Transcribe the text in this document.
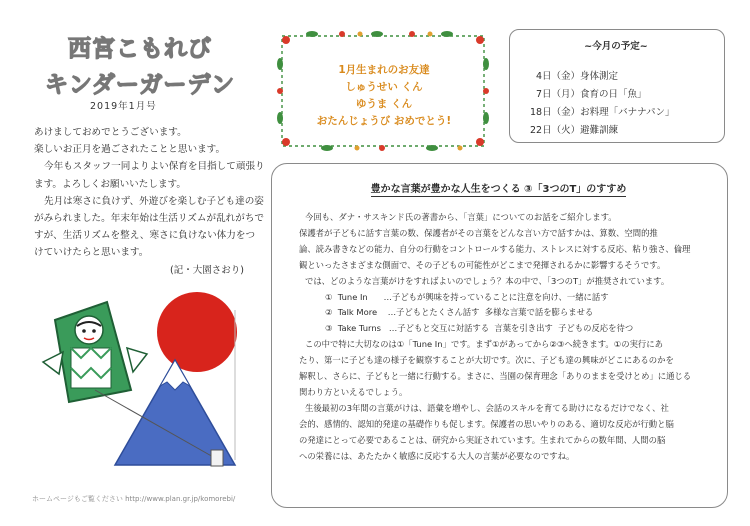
西宮こもれび
キンダーガーデン
2019年1月号

あけましておめでとうございます。

楽しいお正月を過ごされたことと思います。

今年もスタッフ一同よりよい保育を目指して頑張り

ます。よろしくお願いいたします。

先月は寒さに負けず、外遊びを楽しむ子ども達の姿

がみられました。年末年始は生活リズムが乱れがちで

すが、生活リズムを整え、寒さに負けない体力をつ

けていけたらと思います。

(記・大園さおり)
1月生まれのお友達
しゅうせい くん
ゆうま くん
おたんじょうび おめでとう!
~今月の予定~
4日（金）身体測定
7日（月）食育の日「魚」
18日（金）お料理「バナナパン」
22日（火）避難訓練
豊かな言葉が豊かな人生をつくる ③「3つのT」のすすめ

今回も、ダナ・サスキンド氏の著書から、「言葉」についてのお話をご紹介します。

保護者が子どもに話す言葉の数、保護者がその言葉をどんな言い方で話すかは、算数、空間的推

論、読み書きなどの能力、自分の行動をコントロールする能力、ストレスに対する反応、粘り強さ、倫理

観といったさまざまな側面で、その子どもの可能性がどこまで発揮されるかに影響するそうです。

では、どのような言葉がけをすればよいのでしょう？本の中で、「3つのT」が推奨されています。

①  Tune In      …子どもが興味を持っていることに注意を向け、一緒に話す

②  Talk More    …子どもとたくさん話す  多様な言葉で話を膨らませる

③  Take Turns   …子どもと交互に対話する  言葉を引き出す  子どもの反応を待つ

この中で特に大切なのは①「Tune In」です。まず①があってから②③へ続きます。①の実行にあ

たり、第一に子ども達の様子を観察することが大切です。次に、子ども達の興味がどこにあるのかを

解釈し、さらに、子どもと一緒に行動する。まさに、当園の保育理念「ありのままを受けとめ」に通じる

関わり方といえるでしょう。

生後最初の3年間の言葉がけは、語彙を増やし、会話のスキルを育てる助けになるだけでなく、社

会的、感情的、認知的発達の基礎作りも促します。保護者の思いやりのある、適切な反応が行動と脳

の発達にとって必要であることは、研究から実証されています。生まれてからの数年間、人間の脳

への栄養には、あたたかく敏感に反応する大人の言葉が必要なのですね。

ホームページもご覧ください http://www.plan.gr.jp/komorebi/
